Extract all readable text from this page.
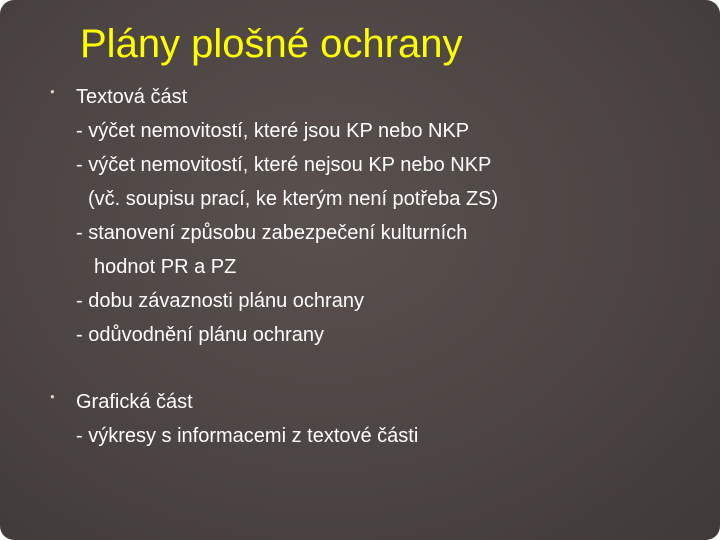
Plány plošné ochrany
● Textová část
- výčet nemovitostí, které jsou KP nebo NKP
- výčet nemovitostí, které nejsou KP nebo NKP
(vč. soupisu prací, ke kterým není potřeba ZS)
- stanovení způsobu zabezpečení kulturních
hodnot PR a PZ
- dobu závaznosti plánu ochrany
- odůvodnění plánu ochrany
● Grafická část
- výkresy s informacemi z textové části
